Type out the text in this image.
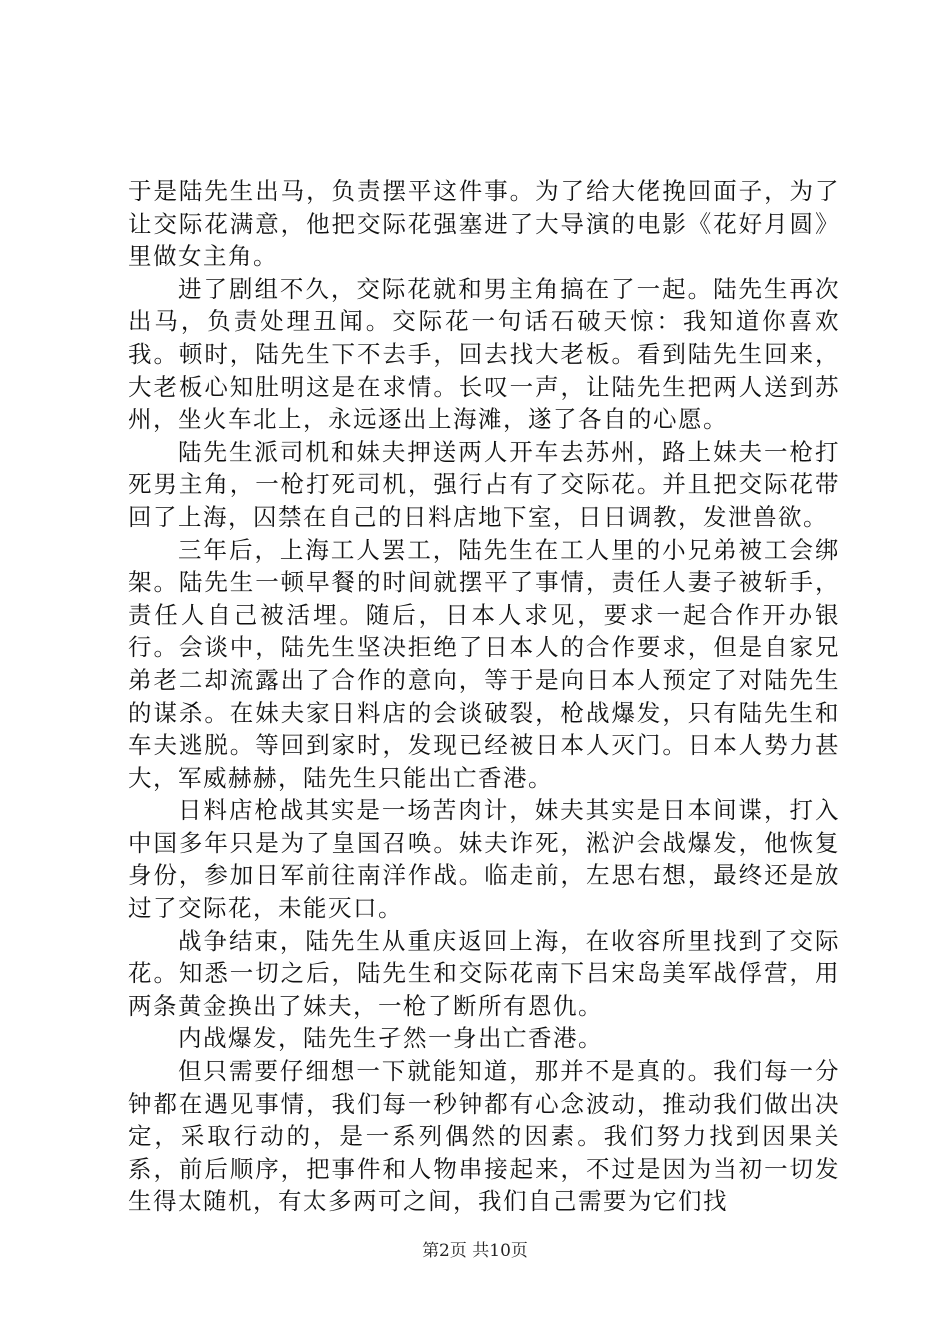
于是陆先生出马，负责摆平这件事。为了给大佬挽回面子，为了让交际花满意，他把交际花强塞进了大导演的电影《花好月圆》里做女主角。

进了剧组不久，交际花就和男主角搞在了一起。陆先生再次出马，负责处理丑闻。交际花一句话石破天惊：我知道你喜欢我。顿时，陆先生下不去手，回去找大老板。看到陆先生回来，大老板心知肚明这是在求情。长叹一声，让陆先生把两人送到苏州，坐火车北上，永远逐出上海滩，遂了各自的心愿。

陆先生派司机和妹夫押送两人开车去苏州，路上妹夫一枪打死男主角，一枪打死司机，强行占有了交际花。并且把交际花带回了上海，囚禁在自己的日料店地下室，日日调教，发泄兽欲。

三年后，上海工人罢工，陆先生在工人里的小兄弟被工会绑架。陆先生一顿早餐的时间就摆平了事情，责任人妻子被斩手，责任人自己被活埋。随后，日本人求见，要求一起合作开办银行。会谈中，陆先生坚决拒绝了日本人的合作要求，但是自家兄弟老二却流露出了合作的意向，等于是向日本人预定了对陆先生的谋杀。在妹夫家日料店的会谈破裂，枪战爆发，只有陆先生和车夫逃脱。等回到家时，发现已经被日本人灭门。日本人势力甚大，军威赫赫，陆先生只能出亡香港。

日料店枪战其实是一场苦肉计，妹夫其实是日本间谍，打入中国多年只是为了皇国召唤。妹夫诈死，淞沪会战爆发，他恢复身份，参加日军前往南洋作战。临走前，左思右想，最终还是放过了交际花，未能灭口。

战争结束，陆先生从重庆返回上海，在收容所里找到了交际花。知悉一切之后，陆先生和交际花南下吕宋岛美军战俘营，用两条黄金换出了妹夫，一枪了断所有恩仇。

内战爆发，陆先生孑然一身出亡香港。

但只需要仔细想一下就能知道，那并不是真的。我们每一分钟都在遇见事情，我们每一秒钟都有心念波动，推动我们做出决定，采取行动的，是一系列偶然的因素。我们努力找到因果关系，前后顺序，把事件和人物串接起来，不过是因为当初一切发生得太随机，有太多两可之间，我们自己需要为它们找

第2页 共10页
